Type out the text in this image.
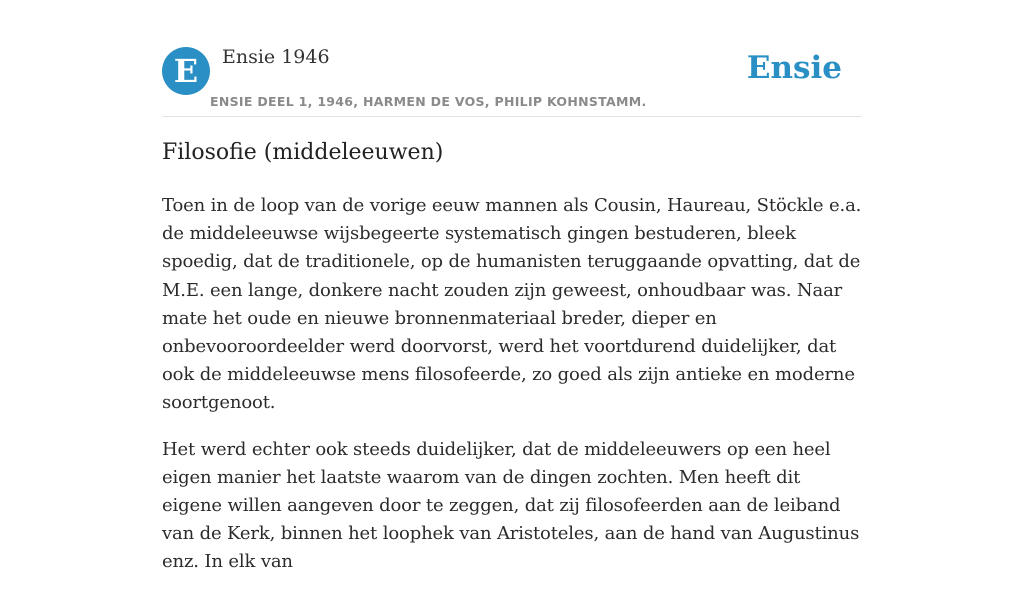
E	Ensie 1946
ENSIE DEEL 1, 1946, HARMEN DE VOS, PHILIP KOHNSTAMM.
Ensie
Filosofie (middeleeuwen)

Toen in de loop van de vorige eeuw mannen als Cousin, Haureau, Stöckle e.a. de middeleeuwse wijsbegeerte systematisch gingen bestuderen, bleek spoedig, dat de traditionele, op de humanisten teruggaande opvatting, dat de M.E. een lange, donkere nacht zouden zijn geweest, onhoudbaar was. Naar mate het oude en nieuwe bronnenmateriaal breder, dieper en onbevooroordeelder werd doorvorst, werd het voortdurend duidelijker, dat ook de middeleeuwse mens filosofeerde, zo goed als zijn antieke en moderne soortgenoot.

Het werd echter ook steeds duidelijker, dat de middeleeuwers op een heel eigen manier het laatste waarom van de dingen zochten. Men heeft dit eigene willen aangeven door te zeggen, dat zij filosofeerden aan de leiband van de Kerk, binnen het loophek van Aristoteles, aan de hand van Augustinus enz. In elk van
